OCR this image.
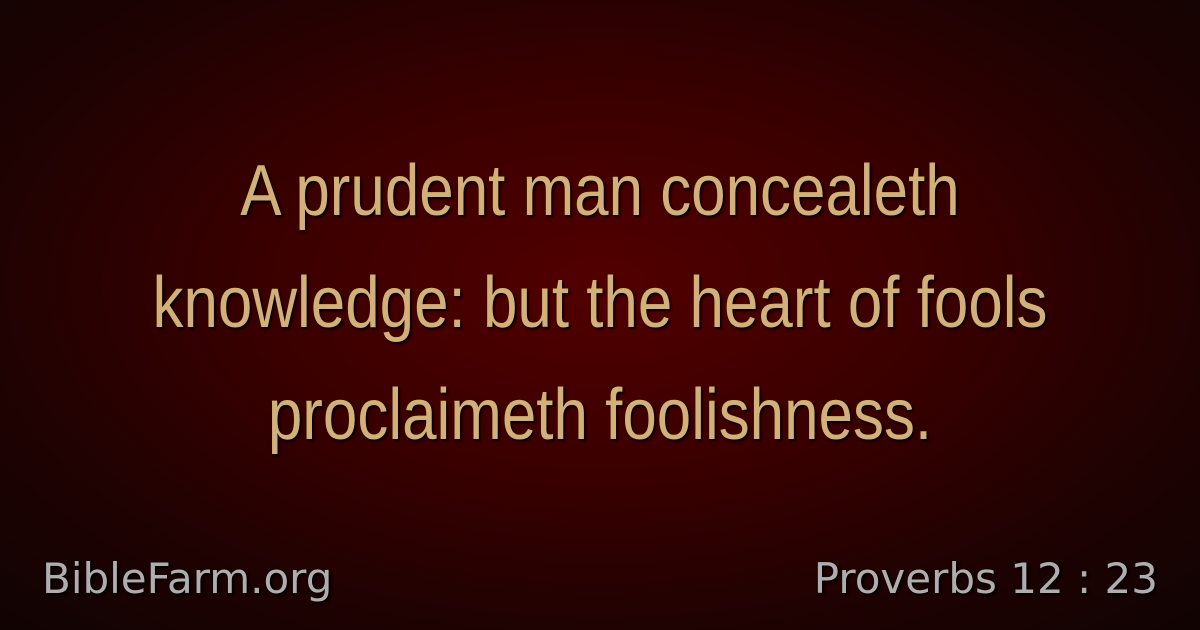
A prudent man concealeth
knowledge: but the heart of fools
proclaimeth foolishness.
BibleFarm.org	Proverbs 12 : 23
